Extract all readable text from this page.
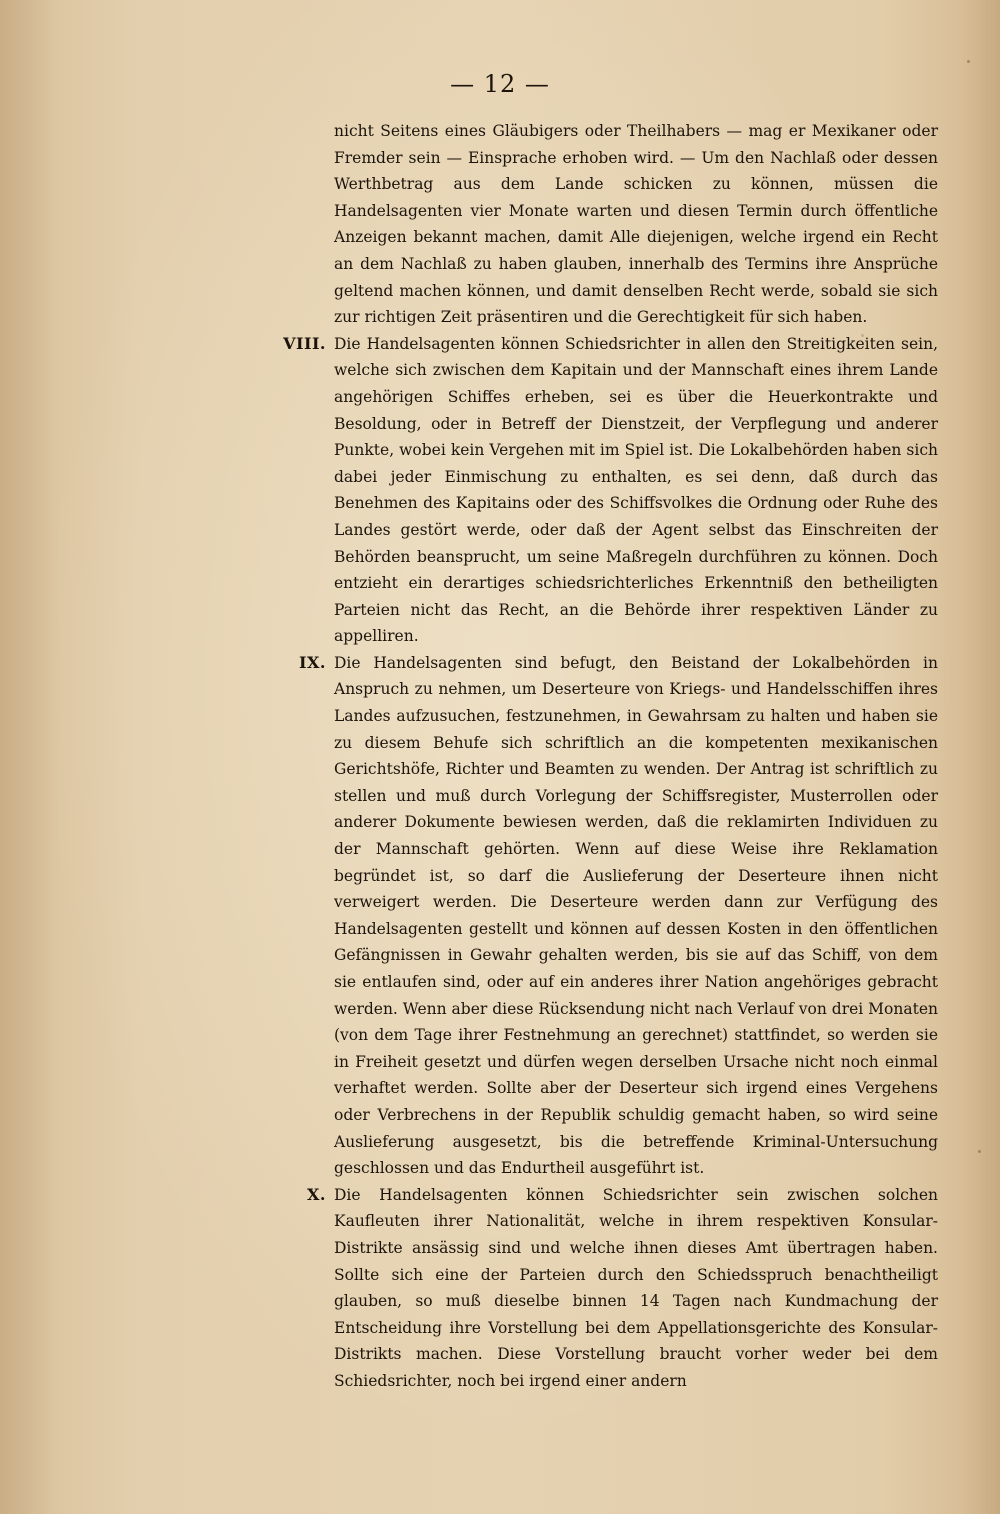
— 12 —

nicht Seitens eines Gläubigers oder Theilhabers — mag er Mexikaner oder Fremder sein — Einsprache erhoben wird. — Um den Nachlaß oder dessen Werthbetrag aus dem Lande schicken zu können, müssen die Handelsagenten vier Monate warten und diesen Termin durch öffentliche Anzeigen bekannt machen, damit Alle diejenigen, welche irgend ein Recht an dem Nachlaß zu haben glauben, innerhalb des Termins ihre Ansprüche geltend machen können, und damit denselben Recht werde, sobald sie sich zur richtigen Zeit präsentiren und die Gerechtigkeit für sich haben.

VIII. Die Handelsagenten können Schiedsrichter in allen den Streitigkeiten sein, welche sich zwischen dem Kapitain und der Mannschaft eines ihrem Lande angehörigen Schiffes erheben, sei es über die Heuerkontrakte und Besoldung, oder in Betreff der Dienstzeit, der Verpflegung und anderer Punkte, wobei kein Vergehen mit im Spiel ist. Die Lokalbehörden haben sich dabei jeder Einmischung zu enthalten, es sei denn, daß durch das Benehmen des Kapitains oder des Schiffsvolkes die Ordnung oder Ruhe des Landes gestört werde, oder daß der Agent selbst das Einschreiten der Behörden beansprucht, um seine Maßregeln durchführen zu können. Doch entzieht ein derartiges schiedsrichterliches Erkenntniß den betheiligten Parteien nicht das Recht, an die Behörde ihrer respektiven Länder zu appelliren.

IX. Die Handelsagenten sind befugt, den Beistand der Lokalbehörden in Anspruch zu nehmen, um Deserteure von Kriegs- und Handelsschiffen ihres Landes aufzusuchen, festzunehmen, in Gewahrsam zu halten und haben sie zu diesem Behufe sich schriftlich an die kompetenten mexikanischen Gerichtshöfe, Richter und Beamten zu wenden. Der Antrag ist schriftlich zu stellen und muß durch Vorlegung der Schiffsregister, Musterrollen oder anderer Dokumente bewiesen werden, daß die reklamirten Individuen zu der Mannschaft gehörten. Wenn auf diese Weise ihre Reklamation begründet ist, so darf die Auslieferung der Deserteure ihnen nicht verweigert werden. Die Deserteure werden dann zur Verfügung des Handelsagenten gestellt und können auf dessen Kosten in den öffentlichen Gefängnissen in Gewahr gehalten werden, bis sie auf das Schiff, von dem sie entlaufen sind, oder auf ein anderes ihrer Nation angehöriges gebracht werden. Wenn aber diese Rücksendung nicht nach Verlauf von drei Monaten (von dem Tage ihrer Festnehmung an gerechnet) stattfindet, so werden sie in Freiheit gesetzt und dürfen wegen derselben Ursache nicht noch einmal verhaftet werden. Sollte aber der Deserteur sich irgend eines Vergehens oder Verbrechens in der Republik schuldig gemacht haben, so wird seine Auslieferung ausgesetzt, bis die betreffende Kriminal-Untersuchung geschlossen und das Endurtheil ausgeführt ist.

X. Die Handelsagenten können Schiedsrichter sein zwischen solchen Kaufleuten ihrer Nationalität, welche in ihrem respektiven Konsular-Distrikte ansässig sind und welche ihnen dieses Amt übertragen haben. Sollte sich eine der Parteien durch den Schiedsspruch benachtheiligt glauben, so muß dieselbe binnen 14 Tagen nach Kundmachung der Entscheidung ihre Vorstellung bei dem Appellationsgerichte des Konsular-Distrikts machen. Diese Vorstellung braucht vorher weder bei dem Schiedsrichter, noch bei irgend einer andern
